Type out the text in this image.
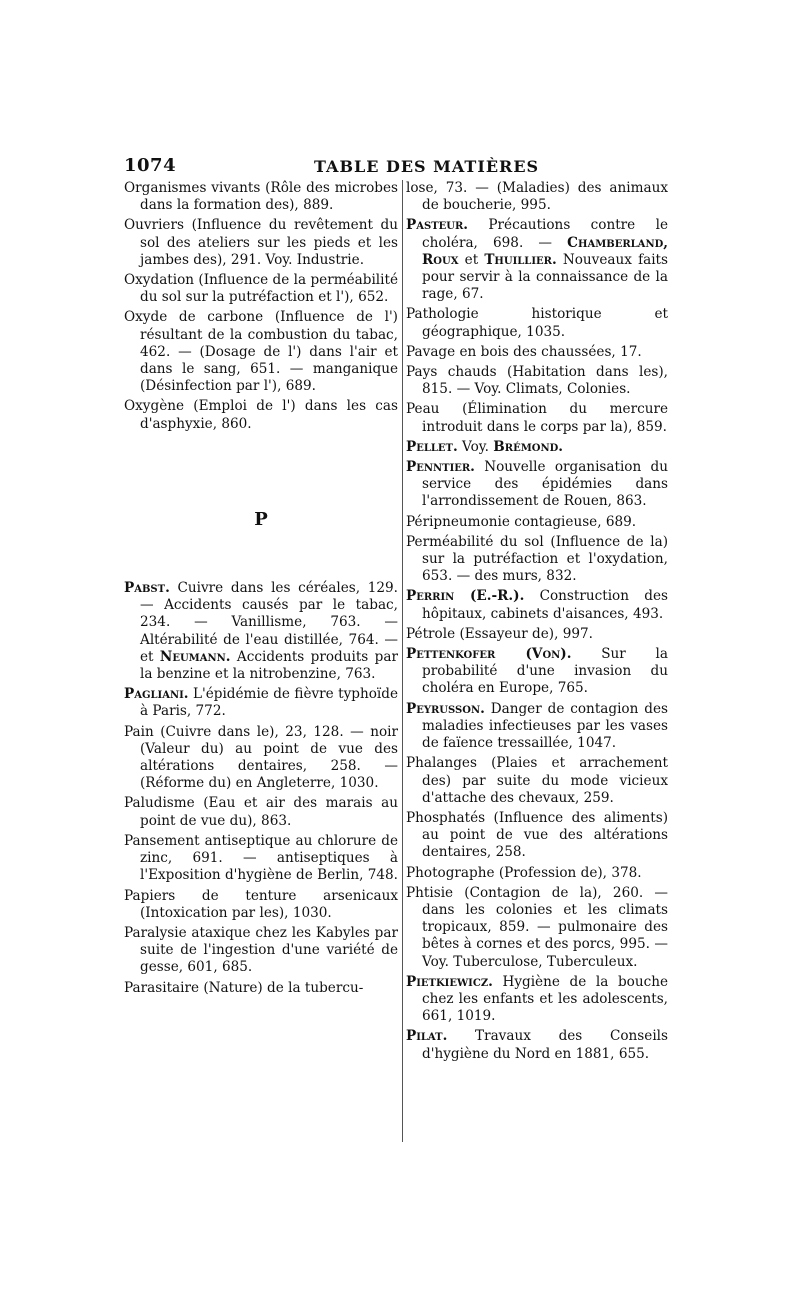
1074	TABLE DES MATIÈRES

Organismes vivants (Rôle des microbes dans la formation des), 889.

Ouvriers (Influence du revêtement du sol des ateliers sur les pieds et les jambes des), 291. Voy. Industrie.

Oxydation (Influence de la perméabilité du sol sur la putréfaction et l'), 652.

Oxyde de carbone (Influence de l') résultant de la combustion du tabac, 462. — (Dosage de l') dans l'air et dans le sang, 651. — manganique (Désinfection par l'), 689.

Oxygène (Emploi de l') dans les cas d'asphyxie, 860.

P

Pabst. Cuivre dans les céréales, 129. — Accidents causés par le tabac, 234. — Vanillisme, 763. — Altérabilité de l'eau distillée, 764. — et Neumann. Accidents produits par la benzine et la nitrobenzine, 763.

Pagliani. L'épidémie de fièvre typhoïde à Paris, 772.

Pain (Cuivre dans le), 23, 128. — noir (Valeur du) au point de vue des altérations dentaires, 258. — (Réforme du) en Angleterre, 1030.

Paludisme (Eau et air des marais au point de vue du), 863.

Pansement antiseptique au chlorure de zinc, 691. — antiseptiques à l'Exposition d'hygiène de Berlin, 748.

Papiers de tenture arsenicaux (Intoxication par les), 1030.

Paralysie ataxique chez les Kabyles par suite de l'ingestion d'une variété de gesse, 601, 685.

Parasitaire (Nature) de la tubercu-

lose, 73. — (Maladies) des animaux de boucherie, 995.

Pasteur. Précautions contre le choléra, 698. — Chamberland, Roux et Thuillier. Nouveaux faits pour servir à la connaissance de la rage, 67.

Pathologie historique et géographique, 1035.

Pavage en bois des chaussées, 17.

Pays chauds (Habitation dans les), 815. — Voy. Climats, Colonies.

Peau (Élimination du mercure introduit dans le corps par la), 859.

Pellet. Voy. Brémond.

Penntier. Nouvelle organisation du service des épidémies dans l'arrondissement de Rouen, 863.

Péripneumonie contagieuse, 689.

Perméabilité du sol (Influence de la) sur la putréfaction et l'oxydation, 653. — des murs, 832.

Perrin (E.-R.). Construction des hôpitaux, cabinets d'aisances, 493.

Pétrole (Essayeur de), 997.

Pettenkofer (Von). Sur la probabilité d'une invasion du choléra en Europe, 765.

Peyrusson. Danger de contagion des maladies infectieuses par les vases de faïence tressaillée, 1047.

Phalanges (Plaies et arrachement des) par suite du mode vicieux d'attache des chevaux, 259.

Phosphatés (Influence des aliments) au point de vue des altérations dentaires, 258.

Photographe (Profession de), 378.

Phtisie (Contagion de la), 260. — dans les colonies et les climats tropicaux, 859. — pulmonaire des bêtes à cornes et des porcs, 995. — Voy. Tuberculose, Tuberculeux.

Pietkiewicz. Hygiène de la bouche chez les enfants et les adolescents, 661, 1019.

Pilat. Travaux des Conseils d'hygiène du Nord en 1881, 655.
